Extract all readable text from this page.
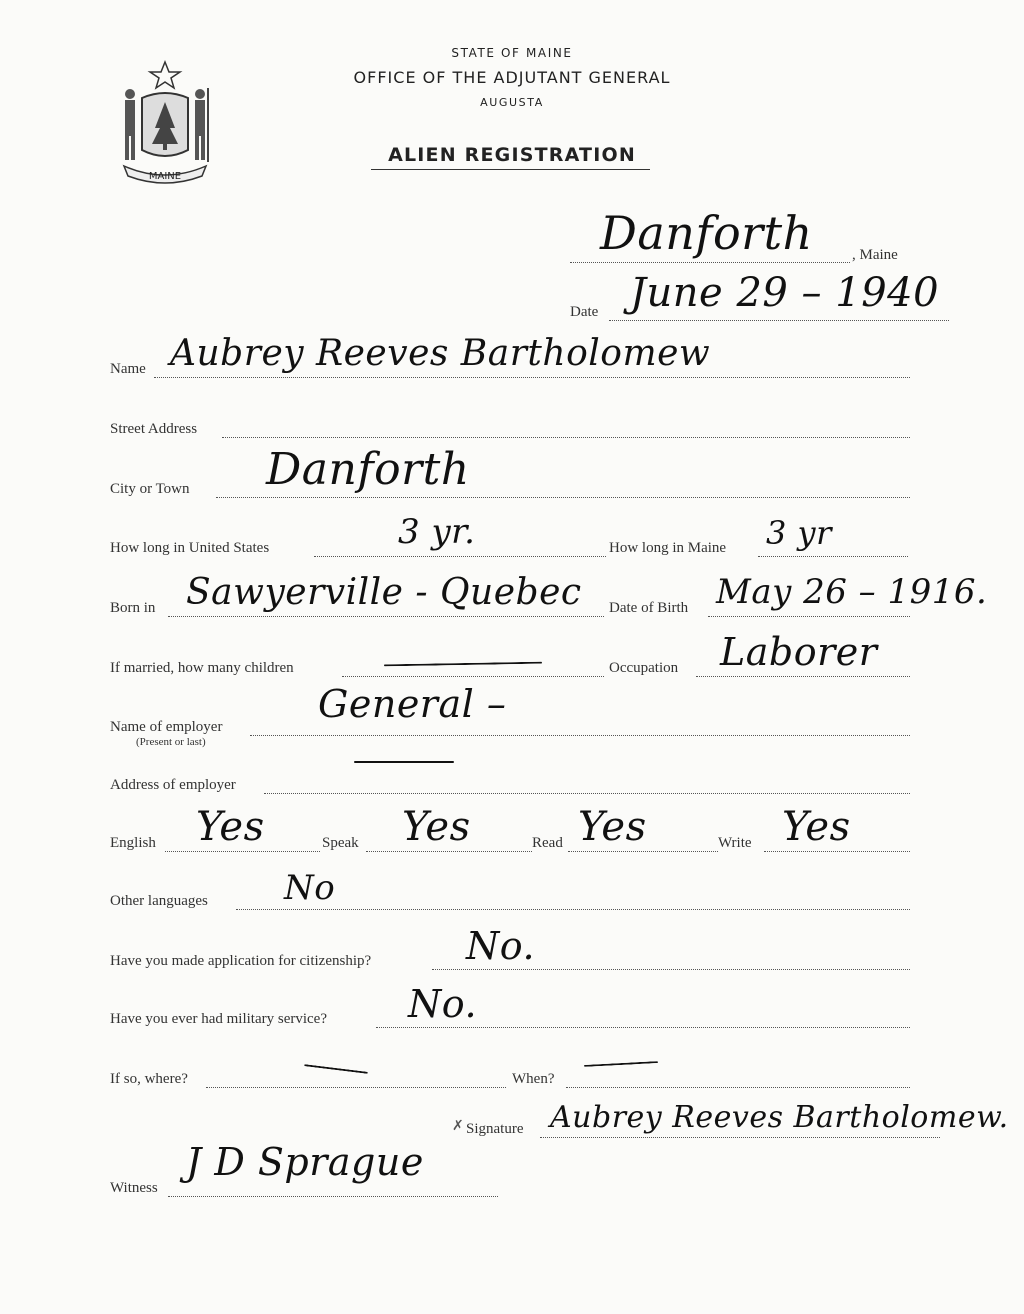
MAINE
STATE OF MAINE
OFFICE OF THE ADJUTANT GENERAL
AUGUSTA
ALIEN REGISTRATION
, Maine
Danforth
Date June 29 – 1940
Name Aubrey Reeves Bartholomew
Street Address
City or Town Danforth
How long in United States	3 yr.	How long in Maine 3 yr
Born in Sawyerville - Quebec Date of Birth May 26 – 1916.
If married, how many children	Occupation Laborer
Name of employer
(Present or last)
General –
Address of employer
English Yes	Speak Yes	Read Yes	Write Yes
Other languages No
Have you made application for citizenship? No.
Have you ever had military service? No.
If so, where?	When?
✗ Signature Aubrey Reeves Bartholomew.
Witness
J D Sprague
